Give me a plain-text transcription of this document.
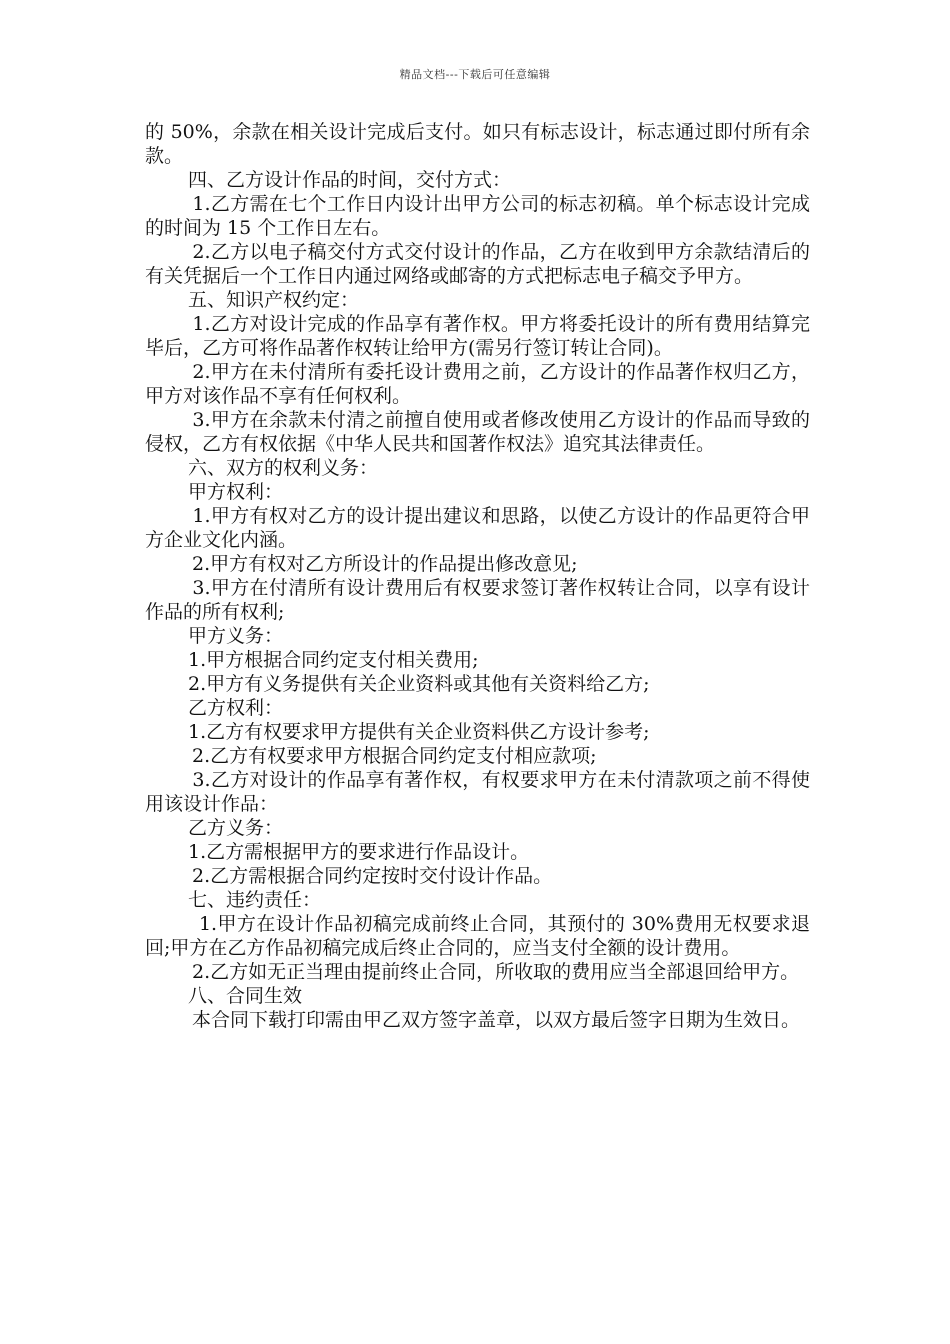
精品文档---下载后可任意编辑

的 50%，余款在相关设计完成后支付。如只有标志设计，标志通过即付所有余款。

四、乙方设计作品的时间，交付方式：

1.乙方需在七个工作日内设计出甲方公司的标志初稿。单个标志设计完成的时间为 15 个工作日左右。

2.乙方以电子稿交付方式交付设计的作品，乙方在收到甲方余款结清后的有关凭据后一个工作日内通过网络或邮寄的方式把标志电子稿交予甲方。

五、知识产权约定：

1.乙方对设计完成的作品享有著作权。甲方将委托设计的所有费用结算完毕后，乙方可将作品著作权转让给甲方(需另行签订转让合同)。

2.甲方在未付清所有委托设计费用之前，乙方设计的作品著作权归乙方，甲方对该作品不享有任何权利。

3.甲方在余款未付清之前擅自使用或者修改使用乙方设计的作品而导致的侵权，乙方有权依据《中华人民共和国著作权法》追究其法律责任。

六、双方的权利义务：

甲方权利：

1.甲方有权对乙方的设计提出建议和思路，以使乙方设计的作品更符合甲方企业文化内涵。

2.甲方有权对乙方所设计的作品提出修改意见;

3.甲方在付清所有设计费用后有权要求签订著作权转让合同，以享有设计作品的所有权利;

甲方义务：

1.甲方根据合同约定支付相关费用;

2.甲方有义务提供有关企业资料或其他有关资料给乙方;

乙方权利：

1.乙方有权要求甲方提供有关企业资料供乙方设计参考;

2.乙方有权要求甲方根据合同约定支付相应款项;

3.乙方对设计的作品享有著作权，有权要求甲方在未付清款项之前不得使用该设计作品：

乙方义务：

1.乙方需根据甲方的要求进行作品设计。

2.乙方需根据合同约定按时交付设计作品。

七、违约责任：

1.甲方在设计作品初稿完成前终止合同，其预付的 30%费用无权要求退回;甲方在乙方作品初稿完成后终止合同的，应当支付全额的设计费用。

2.乙方如无正当理由提前终止合同，所收取的费用应当全部退回给甲方。

八、合同生效

本合同下载打印需由甲乙双方签字盖章，以双方最后签字日期为生效日。
